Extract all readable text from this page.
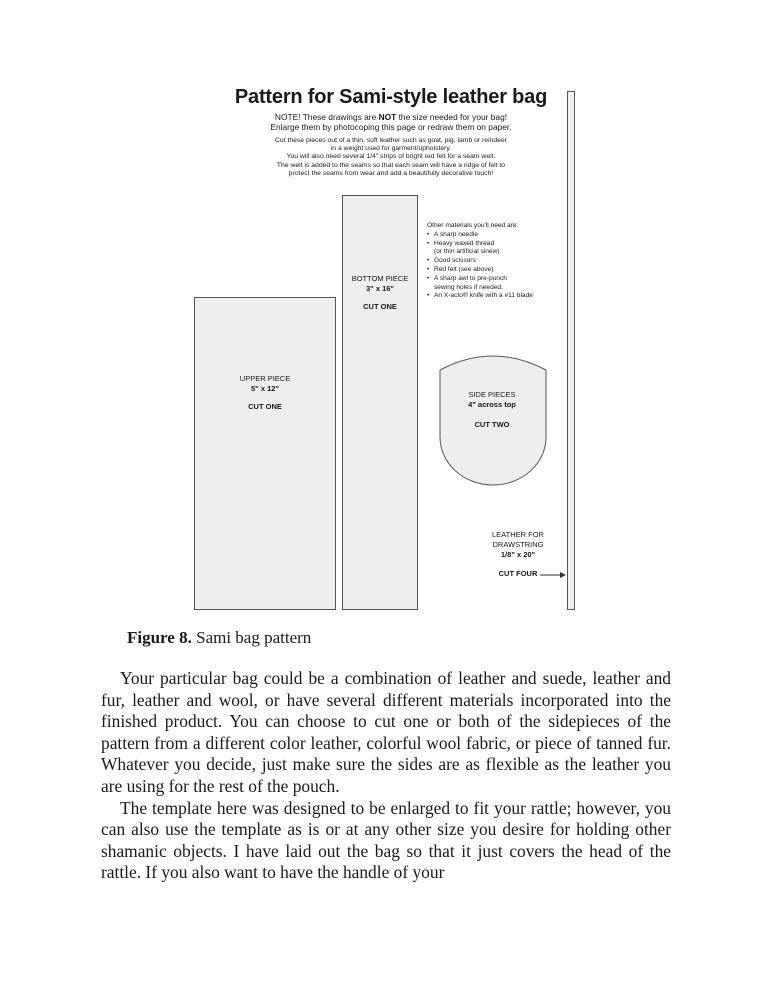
Pattern for Sami-style leather bag
NOTE! These drawings are NOT the size needed for your bag!
Enlarge them by photocoping this page or redraw them on paper.
Cut these pieces out of a thin, soft leather such as goat, pig, lamb or reindeer
in a weight used for garment/upholstery.
You will also need several 1/4" strips of bright red felt for a seam welt.
The welt is added to the seams so that each seam will have a ridge of felt to
protect the seams from wear and add a beautifully decorative touch!
UPPER PIECE
5" x 12"
CUT ONE
BOTTOM PIECE
3" x 16"
CUT ONE
Other materials you'll need are:
• A sharp needle
• Heavy waxed thread
(or thin artificial sinew)
• Good scissors
• Red felt (see above)
• A sharp awl to pre-punch
sewing holes if needed.
• An X-acto® knife with a #11 blade
SIDE PIECES
4" across top
CUT TWO
LEATHER FOR
DRAWSTRING
1/8" x 20"
CUT FOUR
Figure 8. Sami bag pattern

Your particular bag could be a combination of leather and suede, leather and fur, leather and wool, or have several different materials incorporated into the finished product. You can choose to cut one or both of the sidepieces of the pattern from a different color leather, colorful wool fabric, or piece of tanned fur. Whatever you decide, just make sure the sides are as flexible as the leather you are using for the rest of the pouch.

The template here was designed to be enlarged to fit your rattle; however, you can also use the template as is or at any other size you desire for holding other shamanic objects. I have laid out the bag so that it just covers the head of the rattle. If you also want to have the handle of your
